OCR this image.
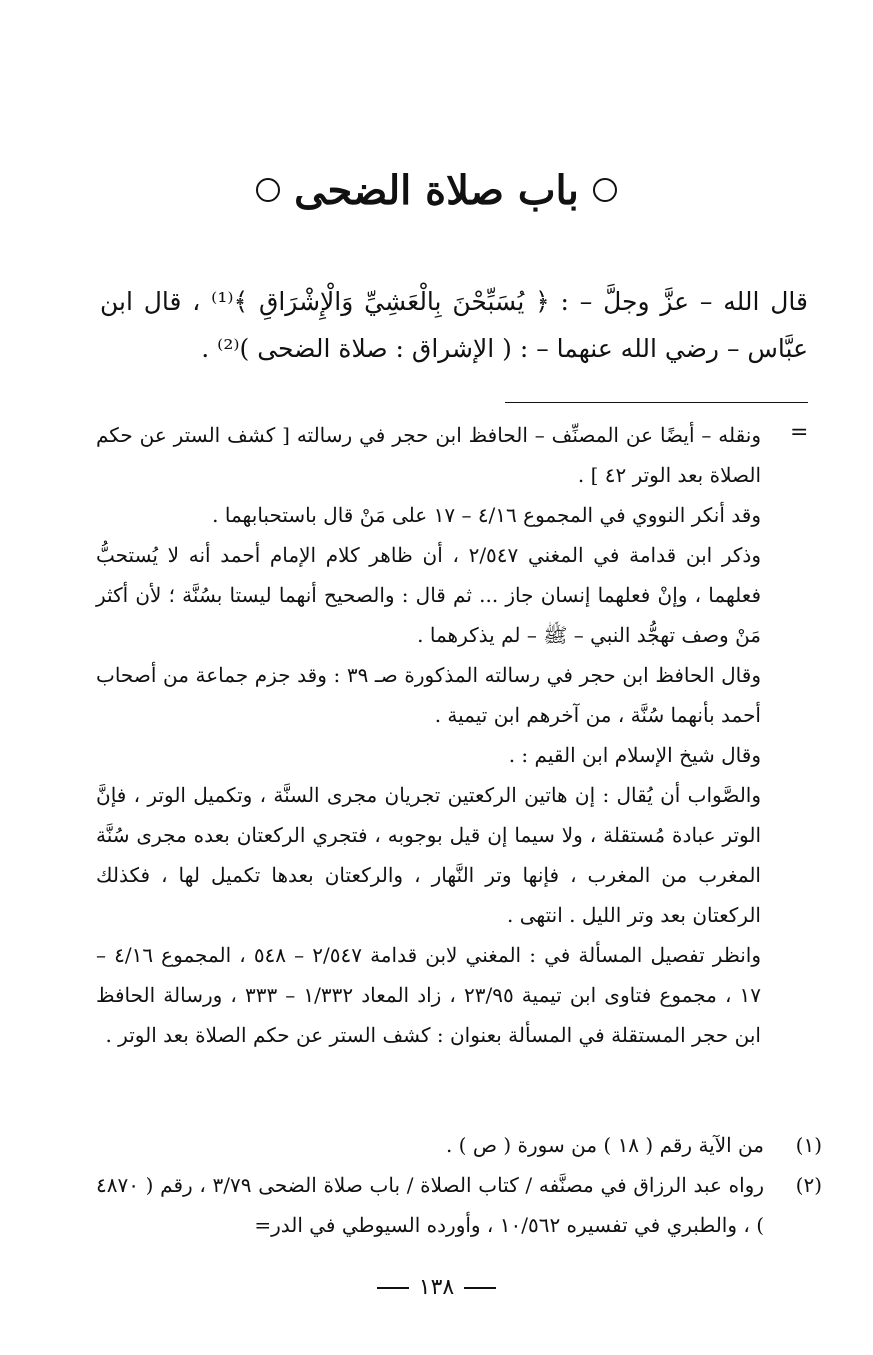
باب صلاة الضحى
قال الله – عزَّ وجلَّ – : ﴿ يُسَبِّحْنَ بِالْعَشِيِّ وَالْإِشْرَاقِ ﴾⁽¹⁾ ، قال ابن عبَّاس – رضي الله عنهما – : ( الإشراق : صلاة الضحى )⁽²⁾ .
=

ونقله – أيضًا عن المصنِّف – الحافظ ابن حجر في رسالته [ كشف الستر عن حكم الصلاة بعد الوتر ٤٢ ] .

وقد أنكر النووي في المجموع ٤/١٦ – ١٧ على مَنْ قال باستحبابهما .

وذكر ابن قدامة في المغني ٢/٥٤٧ ، أن ظاهر كلام الإمام أحمد أنه لا يُستحبُّ فعلهما ، وإنْ فعلهما إنسان جاز ... ثم قال : والصحيح أنهما ليستا بسُنَّة ؛ لأن أكثر مَنْ وصف تهجُّد النبي – ﷺ – لم يذكرهما .

وقال الحافظ ابن حجر في رسالته المذكورة صـ ٣٩ : وقد جزم جماعة من أصحاب أحمد بأنهما سُنَّة ، من آخرهم ابن تيمية .

وقال شيخ الإسلام ابن القيم : .

والصَّواب أن يُقال : إن هاتين الركعتين تجريان مجرى السنَّة ، وتكميل الوتر ، فإنَّ الوتر عبادة مُستقلة ، ولا سيما إن قيل بوجوبه ، فتجري الركعتان بعده مجرى سُنَّة المغرب من المغرب ، فإنها وتر النَّهار ، والركعتان بعدها تكميل لها ، فكذلك الركعتان بعد وتر الليل . انتهى .

وانظر تفصيل المسألة في : المغني لابن قدامة ٢/٥٤٧ – ٥٤٨ ، المجموع ٤/١٦ – ١٧ ، مجموع فتاوى ابن تيمية ٢٣/٩٥ ، زاد المعاد ١/٣٣٢ – ٣٣٣ ، ورسالة الحافظ ابن حجر المستقلة في المسألة بعنوان : كشف الستر عن حكم الصلاة بعد الوتر .

(١)
من الآية رقم ( ١٨ ) من سورة ( ص ) .
(٢)
رواه عبد الرزاق في مصنَّفه / كتاب الصلاة / باب صلاة الضحى ٣/٧٩ ، رقم ( ٤٨٧٠ ) ، والطبري في تفسيره ١٠/٥٦٢ ، وأورده السيوطي في الدر=
١٣٨
